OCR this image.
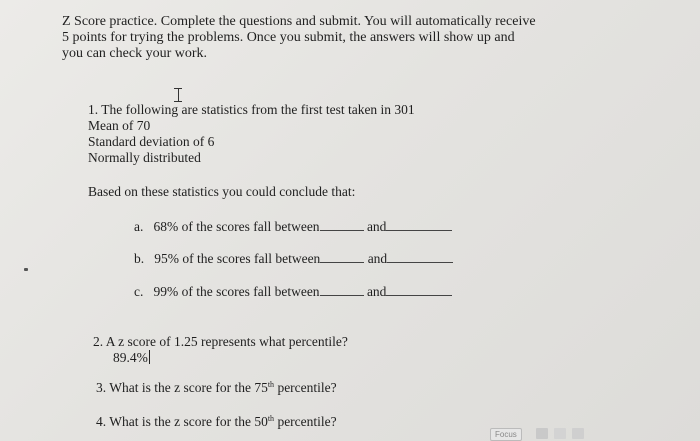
Z Score practice. Complete the questions and submit. You will automatically receive
5 points for trying the problems. Once you submit, the answers will show up and
you can check your work.
1. The following are statistics from the first test taken in 301
Mean of 70
Standard deviation of 6
Normally distributed
Based on these statistics you could conclude that:
a. 68% of the scores fall between	and
b. 95% of the scores fall between	and
c. 99% of the scores fall between	and
2. A z score of 1.25 represents what percentile?
89.4%
3. What is the z score for the 75th percentile?
4. What is the z score for the 50th percentile?
Focus
